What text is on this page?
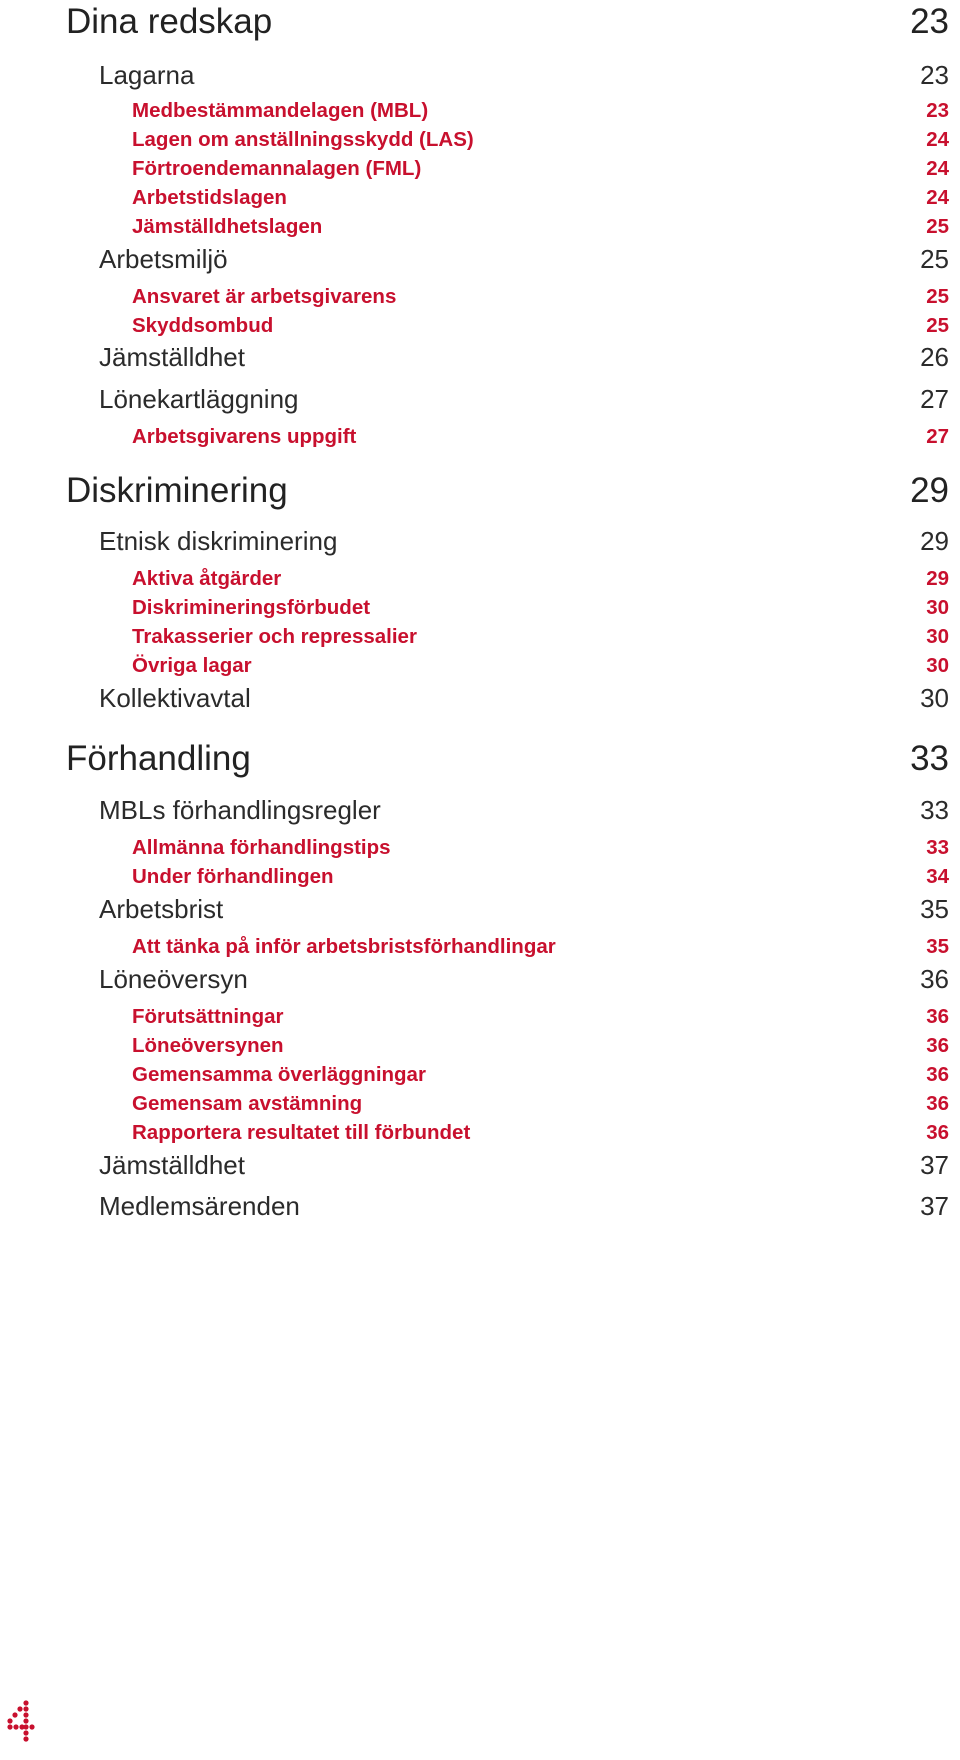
Dina redskap	23
Lagarna	23
Medbestämmandelagen (MBL)	23
Lagen om anställningsskydd (LAS)	24
Förtroendemannalagen (FML)	24
Arbetstidslagen	24
Jämställdhetslagen	25
Arbetsmiljö	25
Ansvaret är arbetsgivarens	25
Skyddsombud	25
Jämställdhet	26
Lönekartläggning	27
Arbetsgivarens uppgift	27
Diskriminering	29
Etnisk diskriminering	29
Aktiva åtgärder	29
Diskrimineringsförbudet	30
Trakasserier och repressalier	30
Övriga lagar	30
Kollektivavtal	30
Förhandling	33
MBLs förhandlingsregler	33
Allmänna förhandlingstips	33
Under förhandlingen	34
Arbetsbrist	35
Att tänka på inför arbetsbristsförhandlingar	35
Löneöversyn	36
Förutsättningar	36
Löneöversynen	36
Gemensamma överläggningar	36
Gemensam avstämning	36
Rapportera resultatet till förbundet	36
Jämställdhet	37
Medlemsärenden	37
